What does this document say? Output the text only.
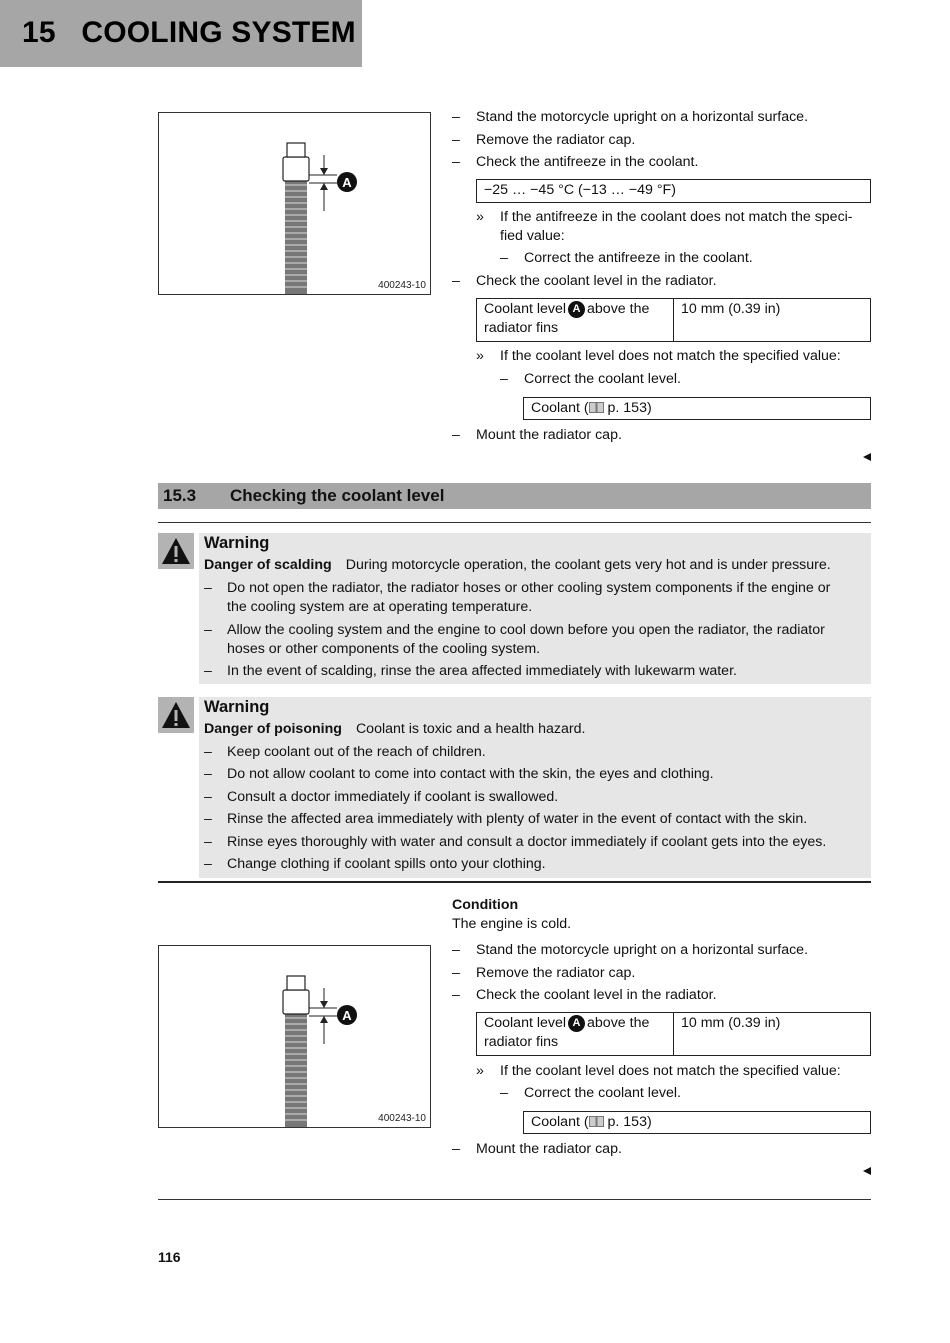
15   COOLING SYSTEM
A
400243-10
– Stand the motorcycle upright on a horizontal surface.
– Remove the radiator cap.
– Check the antifreeze in the coolant.
−25 … −45 °C (−13 … −49 °F)
» If the antifreeze in the coolant does not match the speci-
fied value:
– Correct the antifreeze in the coolant.
– Check the coolant level in the radiator.
Coolant level A above the
radiator fins
10 mm (0.39 in)
» If the coolant level does not match the specified value:
– Correct the coolant level.
Coolant ( p. 153)
– Mount the radiator cap.
15.3 Checking the coolant level
Warning
Danger of scalding During motorcycle operation, the coolant gets very hot and is under pressure.
– Do not open the radiator, the radiator hoses or other cooling system components if the engine or
the cooling system are at operating temperature.
– Allow the cooling system and the engine to cool down before you open the radiator, the radiator
hoses or other components of the cooling system.
– In the event of scalding, rinse the area affected immediately with lukewarm water.
Warning
Danger of poisoning Coolant is toxic and a health hazard.
– Keep coolant out of the reach of children.
– Do not allow coolant to come into contact with the skin, the eyes and clothing.
– Consult a doctor immediately if coolant is swallowed.
– Rinse the affected area immediately with plenty of water in the event of contact with the skin.
– Rinse eyes thoroughly with water and consult a doctor immediately if coolant gets into the eyes.
– Change clothing if coolant spills onto your clothing.
Condition
The engine is cold.
– Stand the motorcycle upright on a horizontal surface.
– Remove the radiator cap.
– Check the coolant level in the radiator.
Coolant level A above the
radiator fins
10 mm (0.39 in)
» If the coolant level does not match the specified value:
– Correct the coolant level.
Coolant ( p. 153)
– Mount the radiator cap.
A
400243-10
116
